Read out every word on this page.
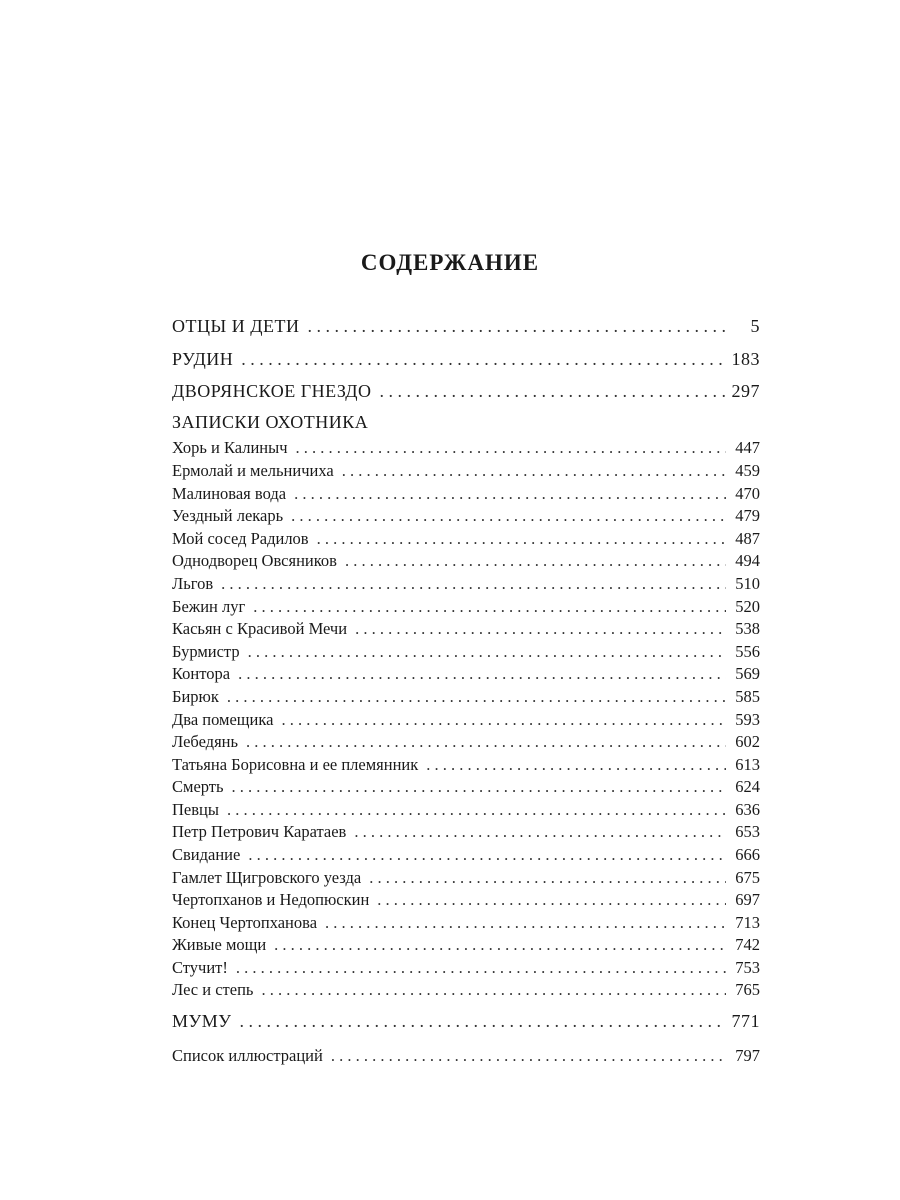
СОДЕРЖАНИЕ
ОТЦЫ И ДЕТИ . . .	5
РУДИН . . .	183
ДВОРЯНСКОЕ ГНЕЗДО . . .	297
ЗАПИСКИ ОХОТНИКА
Хорь и Калиныч . . .	447
Ермолай и мельничиха . . .	459
Малиновая вода . . .	470
Уездный лекарь . . .	479
Мой сосед Радилов . . .	487
Однодворец Овсяников . . .	494
Льгов . . .	510
Бежин луг . . .	520
Касьян с Красивой Мечи . . .	538
Бурмистр . . .	556
Контора . . .	569
Бирюк . . .	585
Два помещика . . .	593
Лебедянь . . .	602
Татьяна Борисовна и ее племянник . . .	613
Смерть . . .	624
Певцы . . .	636
Петр Петрович Каратаев . . .	653
Свидание . . .	666
Гамлет Щигровского уезда . . .	675
Чертопханов и Недопюскин . . .	697
Конец Чертопханова . . .	713
Живые мощи . . .	742
Стучит! . . .	753
Лес и степь . . .	765
МУМУ . . .	771
Список иллюстраций . . .	797
